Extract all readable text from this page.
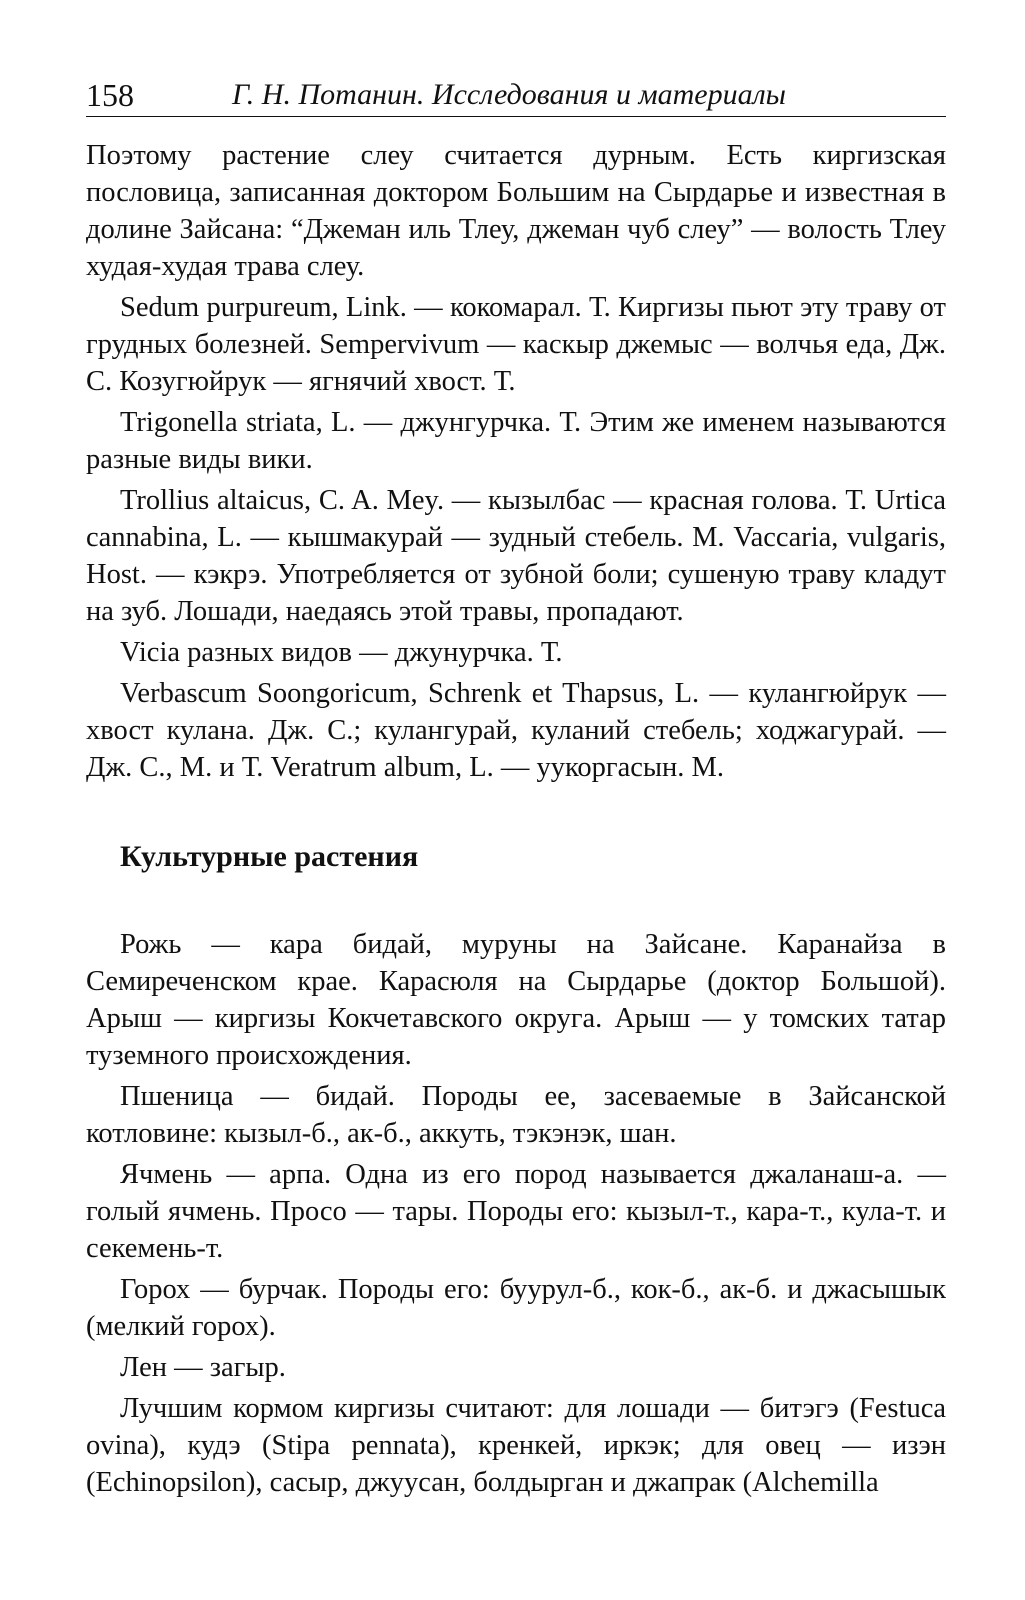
158	Г. Н. Потанин. Исследования и материалы

Поэтому растение слеу считается дурным. Есть киргизская пословица, записанная доктором Большим на Сырдарье и известная в долине Зайсана: “Джеман иль Тлеу, джеман чуб слеу” — волость Тлеу худая-худая трава слеу.

Sedum purpureum, Link. — кокомарал. Т. Киргизы пьют эту траву от грудных болезней. Sempervivum — каскыр джемыс — волчья еда, Дж. С. Козугюйрук — ягнячий хвост. Т.

Trigonella striata, L. — джунгурчка. Т. Этим же именем называются разные виды вики.

Trollius altaicus, C. A. Mey. — кызылбас — красная голова. Т. Urtica cannabina, L. — кышмакурай — зудный стебель. М. Vaccaria, vulgaris, Host. — кэкрэ. Употребляется от зубной боли; сушеную траву кладут на зуб. Лошади, наедаясь этой травы, пропадают.

Vicia разных видов — джунурчка. Т.

Verbascum Soongoricum, Schrenk et Thapsus, L. — кулангюйрук — хвост кулана. Дж. С.; кулангурай, куланий стебель; ходжагурай. — Дж. С., М. и Т. Veratrum album, L. — уукоргасын. М.

Культурные растения

Рожь — кара бидай, муруны на Зайсане. Каранайза в Семиреченском крае. Карасюля на Сырдарье (доктор Большой). Арыш — киргизы Кокчетавского округа. Арыш — у томских татар туземного происхождения.

Пшеница — бидай. Породы ее, засеваемые в Зайсанской котловине: кызыл-б., ак-б., аккуть, тэкэнэк, шан.

Ячмень — арпа. Одна из его пород называется джаланаш-а. — голый ячмень. Просо — тары. Породы его: кызыл-т., кара-т., кула-т. и секемень-т.

Горох — бурчак. Породы его: буурул-б., кок-б., ак-б. и джасышык (мелкий горох).

Лен — загыр.

Лучшим кормом киргизы считают: для лошади — битэгэ (Festuca ovina), кудэ (Stipa pennata), кренкей, иркэк; для овец — изэн (Echinopsilon), сасыр, джуусан, болдырган и джапрак (Alchemilla
